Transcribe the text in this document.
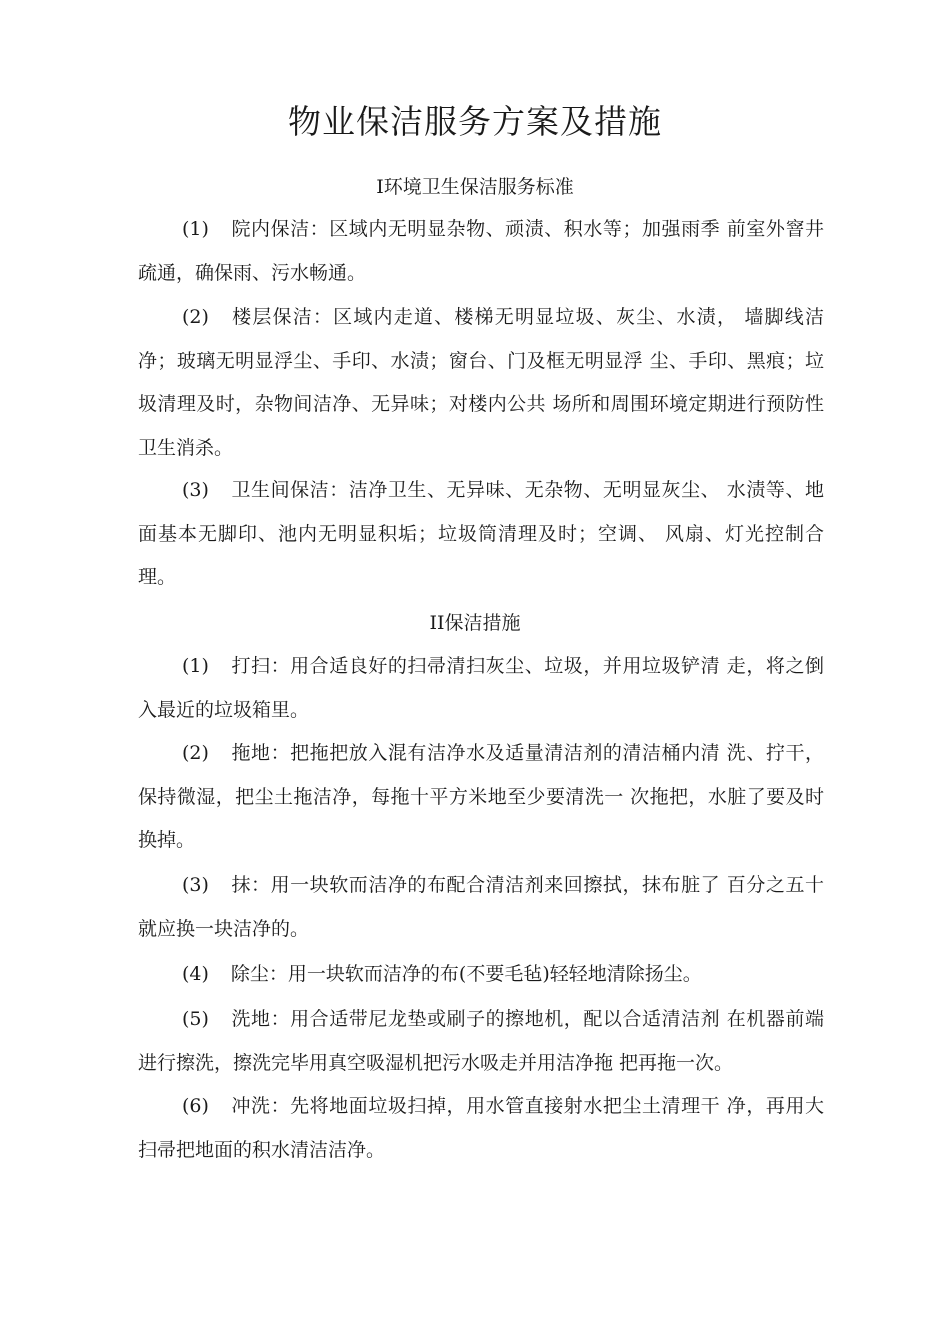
物业保洁服务方案及措施
I环境卫生保洁服务标准

(1) 院内保洁：区域内无明显杂物、顽渍、积水等；加强雨季 前室外窨井疏通，确保雨、污水畅通。

(2) 楼层保洁：区域内走道、楼梯无明显垃圾、灰尘、水渍， 墙脚线洁净；玻璃无明显浮尘、手印、水渍；窗台、门及框无明显浮 尘、手印、黑痕；垃圾清理及时，杂物间洁净、无异味；对楼内公共 场所和周围环境定期进行预防性卫生消杀。

(3) 卫生间保洁：洁净卫生、无异味、无杂物、无明显灰尘、 水渍等、地面基本无脚印、池内无明显积垢；垃圾筒清理及时；空调、 风扇、灯光控制合理。

II保洁措施

(1) 打扫：用合适良好的扫帚清扫灰尘、垃圾，并用垃圾铲清 走，将之倒入最近的垃圾箱里。

(2) 拖地：把拖把放入混有洁净水及适量清洁剂的清洁桶内清 洗、拧干，保持微湿，把尘土拖洁净，每拖十平方米地至少要清洗一 次拖把，水脏了要及时换掉。

(3) 抹：用一块软而洁净的布配合清洁剂来回擦拭，抹布脏了 百分之五十就应换一块洁净的。

(4) 除尘：用一块软而洁净的布(不要毛毡)轻轻地清除扬尘。

(5) 洗地：用合适带尼龙垫或刷子的擦地机，配以合适清洁剂 在机器前端进行擦洗，擦洗完毕用真空吸湿机把污水吸走并用洁净拖 把再拖一次。

(6) 冲洗：先将地面垃圾扫掉，用水管直接射水把尘土清理干 净，再用大扫帚把地面的积水清洁洁净。
